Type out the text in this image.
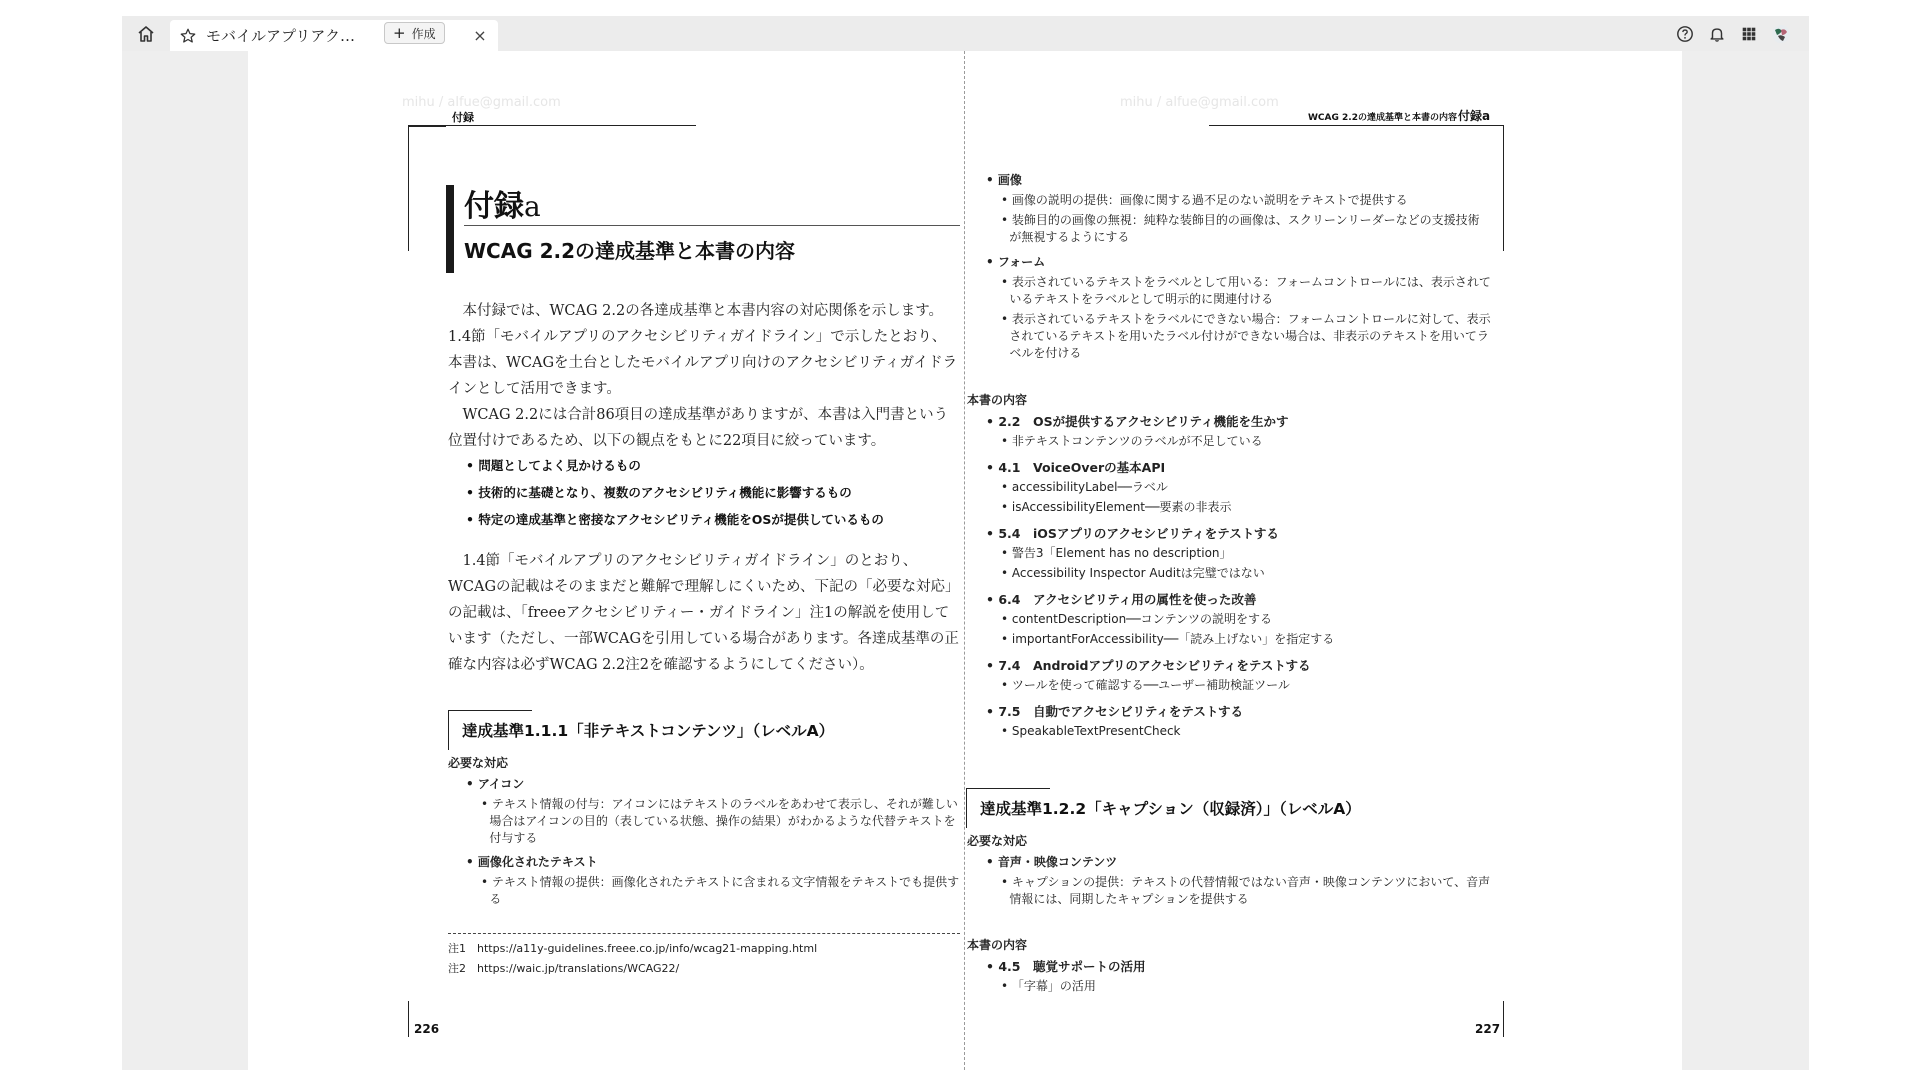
モバイルアプリアク…	×
+ 作成
mihu / alfue@gmail.com
付録
付録a
WCAG 2.2の達成基準と本書の内容
本付録では、WCAG 2.2の各達成基準と本書内容の対応関係を示します。1.4節「モバイルアプリのアクセシビリティガイドライン」で示したとおり、本書は、WCAGを土台としたモバイルアプリ向けのアクセシビリティガイドラインとして活用できます。
WCAG 2.2には合計86項目の達成基準がありますが、本書は入門書という位置付けであるため、以下の観点をもとに22項目に絞っています。
• 問題としてよく見かけるもの
• 技術的に基礎となり、複数のアクセシビリティ機能に影響するもの
• 特定の達成基準と密接なアクセシビリティ機能をOSが提供しているもの
1.4節「モバイルアプリのアクセシビリティガイドライン」のとおり、WCAGの記載はそのままだと難解で理解しにくいため、下記の「必要な対応」の記載は、「freeeアクセシビリティー・ガイドライン」注1の解説を使用しています（ただし、一部WCAGを引用している場合があります。各達成基準の正確な内容は必ずWCAG 2.2注2を確認するようにしてください）。
達成基準1.1.1「非テキストコンテンツ」（レベルA）
必要な対応
• アイコン
• テキスト情報の付与：アイコンにはテキストのラベルをあわせて表示し、それが難しい場合はアイコンの目的（表している状態、操作の結果）がわかるような代替テキストを付与する
• 画像化されたテキスト
• テキスト情報の提供：画像化されたテキストに含まれる文字情報をテキストでも提供する
注1　 https://a11y-guidelines.freee.co.jp/info/wcag21-mapping.html
注2　 https://waic.jp/translations/WCAG22/
226
mihu / alfue@gmail.com
WCAG 2.2の達成基準と本書の内容 付録a
• 画像
• 画像の説明の提供：画像に関する過不足のない説明をテキストで提供する
• 装飾目的の画像の無視：純粋な装飾目的の画像は、スクリーンリーダーなどの支援技術が無視するようにする
• フォーム
• 表示されているテキストをラベルとして用いる：フォームコントロールには、表示されているテキストをラベルとして明示的に関連付ける
• 表示されているテキストをラベルにできない場合：フォームコントロールに対して、表示されているテキストを用いたラベル付けができない場合は、非表示のテキストを用いてラベルを付ける
本書の内容
• 2.2　OSが提供するアクセシビリティ機能を生かす
• 非テキストコンテンツのラベルが不足している
• 4.1　VoiceOverの基本API
• accessibilityLabel──ラベル
• isAccessibilityElement──要素の非表示
• 5.4　iOSアプリのアクセシビリティをテストする
• 警告3「Element has no description」
• Accessibility Inspector Auditは完璧ではない
• 6.4　アクセシビリティ用の属性を使った改善
• contentDescription──コンテンツの説明をする
• importantForAccessibility──「読み上げない」を指定する
• 7.4　Androidアプリのアクセシビリティをテストする
• ツールを使って確認する──ユーザー補助検証ツール
• 7.5　自動でアクセシビリティをテストする
• SpeakableTextPresentCheck
達成基準1.2.2「キャプション（収録済）」（レベルA）
必要な対応
• 音声・映像コンテンツ
• キャプションの提供：テキストの代替情報ではない音声・映像コンテンツにおいて、音声情報には、同期したキャプションを提供する
本書の内容
• 4.5　聴覚サポートの活用
• 「字幕」の活用
227
